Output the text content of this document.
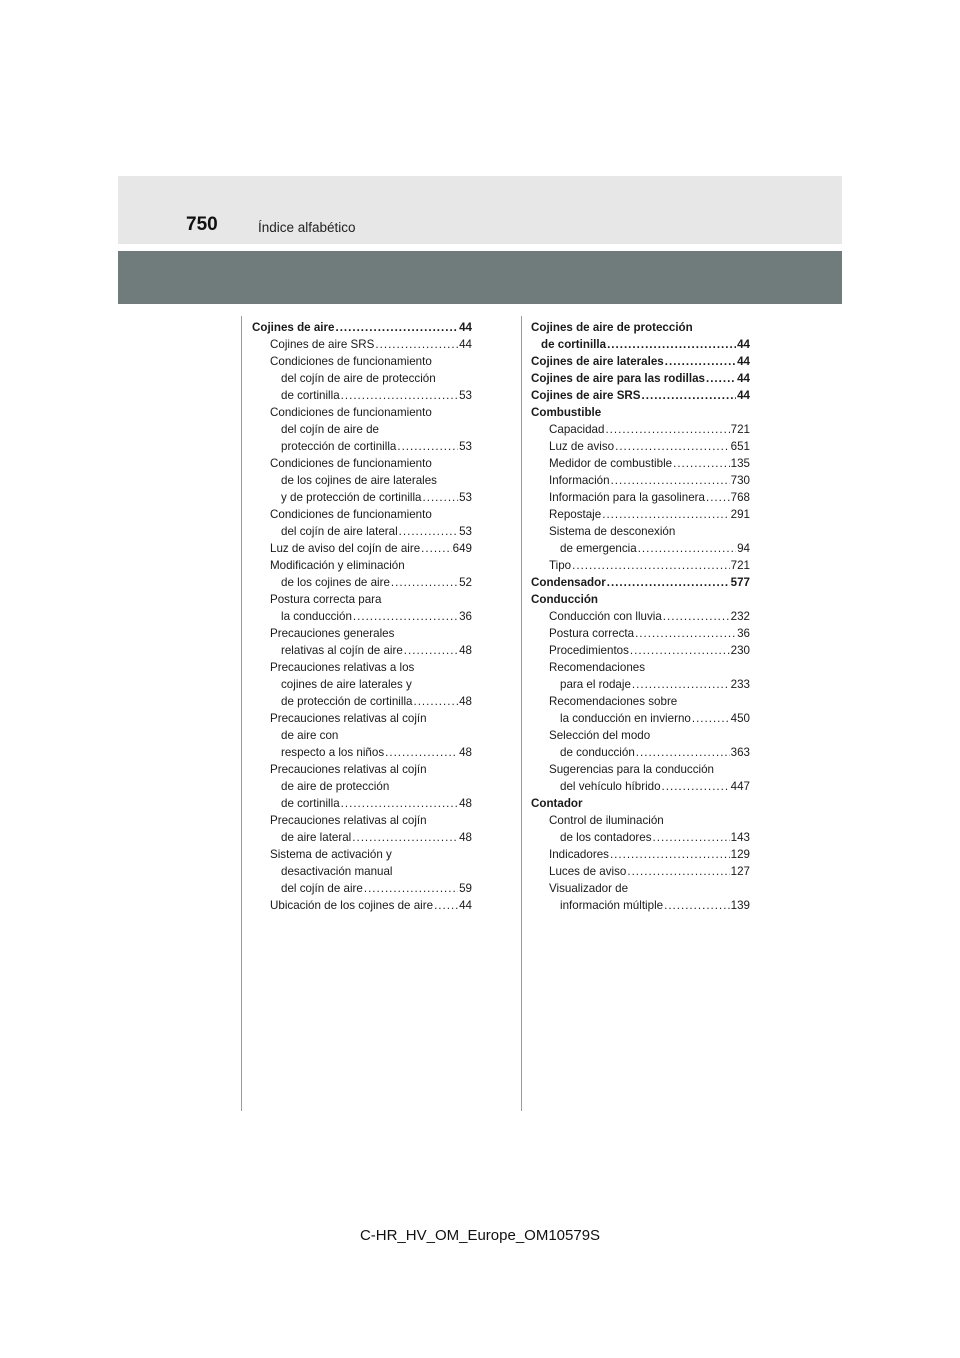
750	Índice alfabético
Cojines de aire .....	44
Cojines de aire SRS .....	44
Condiciones de funcionamiento
del cojín de aire de protección
de cortinilla .....	53
Condiciones de funcionamiento
del cojín de aire de
protección de cortinilla .....	53
Condiciones de funcionamiento
de los cojines de aire laterales
y de protección de cortinilla .....	53
Condiciones de funcionamiento
del cojín de aire lateral .....	53
Luz de aviso del cojín de aire .....	649
Modificación y eliminación
de los cojines de aire .....	52
Postura correcta para
la conducción .....	36
Precauciones generales
relativas al cojín de aire .....	48
Precauciones relativas a los
cojines de aire laterales y
de protección de cortinilla .....	48
Precauciones relativas al cojín
de aire con
respecto a los niños .....	48
Precauciones relativas al cojín
de aire de protección
de cortinilla .....	48
Precauciones relativas al cojín
de aire lateral .....	48
Sistema de activación y
desactivación manual
del cojín de aire .....	59
Ubicación de los cojines de aire ..... 44
Cojines de aire de protección
de cortinilla .....	44
Cojines de aire laterales .....	44
Cojines de aire para las rodillas .....	44
Cojines de aire SRS .....	44
Combustible
Capacidad .....	721
Luz de aviso .....	651
Medidor de combustible .....	135
Información .....	730
Información para la gasolinera ..... 768
Repostaje .....	291
Sistema de desconexión
de emergencia .....	94
Tipo .....	721
Condensador .....	577
Conducción
Conducción con lluvia .....	232
Postura correcta .....	36
Procedimientos .....	230
Recomendaciones
para el rodaje .....	233
Recomendaciones sobre
la conducción en invierno .....	450
Selección del modo
de conducción .....	363
Sugerencias para la conducción
del vehículo híbrido .....	447
Contador
Control de iluminación
de los contadores .....	143
Indicadores .....	129
Luces de aviso .....	127
Visualizador de
información múltiple .....	139
C-HR_HV_OM_Europe_OM10579S
